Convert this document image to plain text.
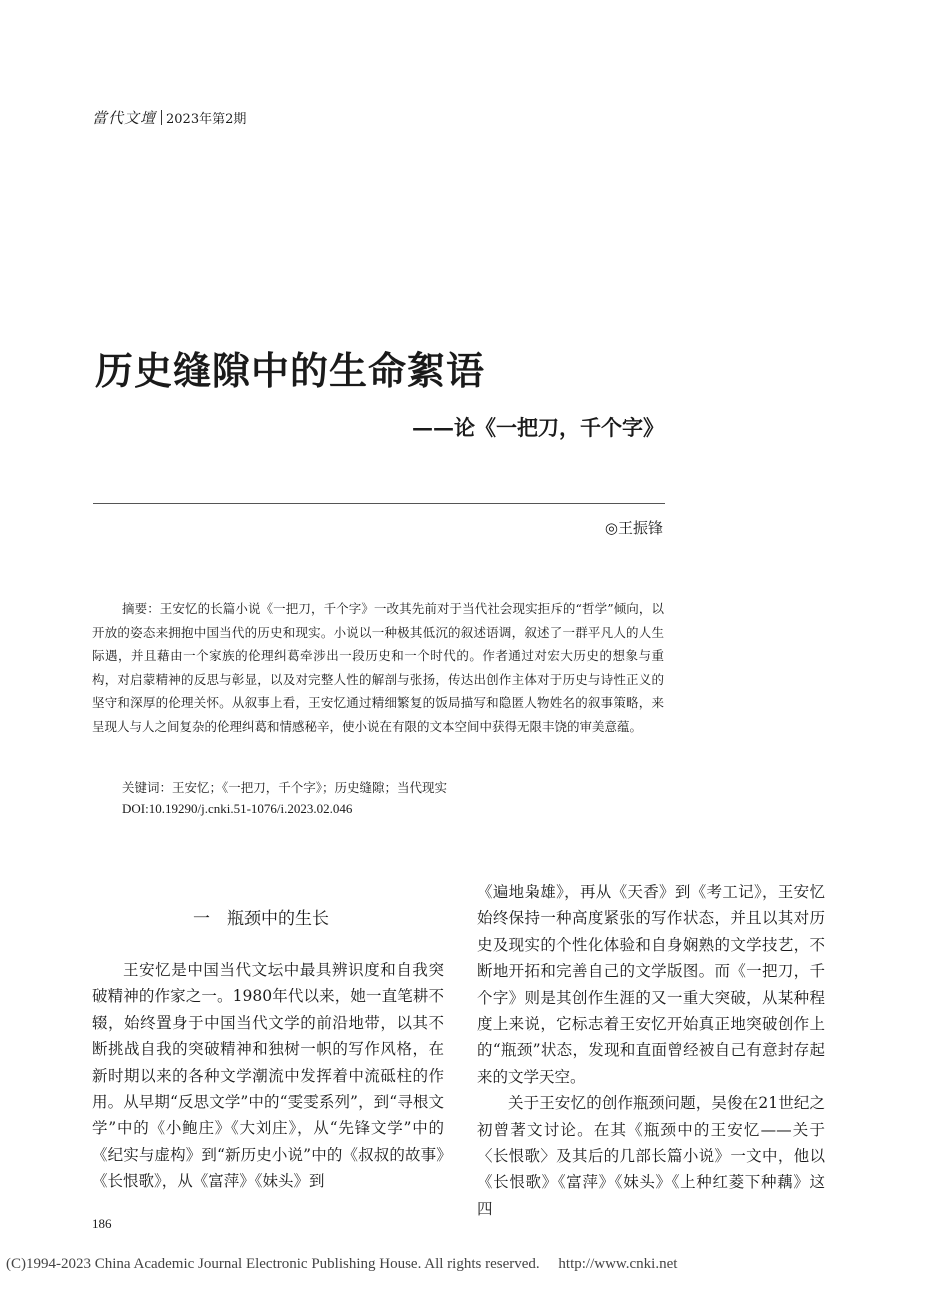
當代文壇 2023年第2期
历史缝隙中的生命絮语
——论《一把刀，千个字》
◎王振锋

摘要：王安忆的长篇小说《一把刀，千个字》一改其先前对于当代社会现实拒斥的“哲学”倾向，以开放的姿态来拥抱中国当代的历史和现实。小说以一种极其低沉的叙述语调，叙述了一群平凡人的人生际遇，并且藉由一个家族的伦理纠葛牵涉出一段历史和一个时代的。作者通过对宏大历史的想象与重构，对启蒙精神的反思与彰显，以及对完整人性的解剖与张扬，传达出创作主体对于历史与诗性正义的坚守和深厚的伦理关怀。从叙事上看，王安忆通过精细繁复的饭局描写和隐匿人物姓名的叙事策略，来呈现人与人之间复杂的伦理纠葛和情感秘辛，使小说在有限的文本空间中获得无限丰饶的审美意蕴。

关键词：王安忆；《一把刀，千个字》；历史缝隙；当代现实
DOI:10.19290/j.cnki.51-1076/i.2023.02.046
一　瓶颈中的生长

王安忆是中国当代文坛中最具辨识度和自我突破精神的作家之一。1980年代以来，她一直笔耕不辍，始终置身于中国当代文学的前沿地带，以其不断挑战自我的突破精神和独树一帜的写作风格，在新时期以来的各种文学潮流中发挥着中流砥柱的作用。从早期“反思文学”中的“雯雯系列”，到“寻根文学”中的《小鲍庄》《大刘庄》，从“先锋文学”中的《纪实与虚构》到“新历史小说”中的《叔叔的故事》《长恨歌》，从《富萍》《妹头》到

《遍地枭雄》，再从《天香》到《考工记》，王安忆始终保持一种高度紧张的写作状态，并且以其对历史及现实的个性化体验和自身娴熟的文学技艺，不断地开拓和完善自己的文学版图。而《一把刀，千个字》则是其创作生涯的又一重大突破，从某种程度上来说，它标志着王安忆开始真正地突破创作上的“瓶颈”状态，发现和直面曾经被自己有意封存起来的文学天空。

关于王安忆的创作瓶颈问题，吴俊在21世纪之初曾著文讨论。在其《瓶颈中的王安忆——关于〈长恨歌〉及其后的几部长篇小说》一文中，他以《长恨歌》《富萍》《妹头》《上种红菱下种藕》这四

186
(C)1994-2023 China Academic Journal Electronic Publishing House. All rights reserved.　 http://www.cnki.net
